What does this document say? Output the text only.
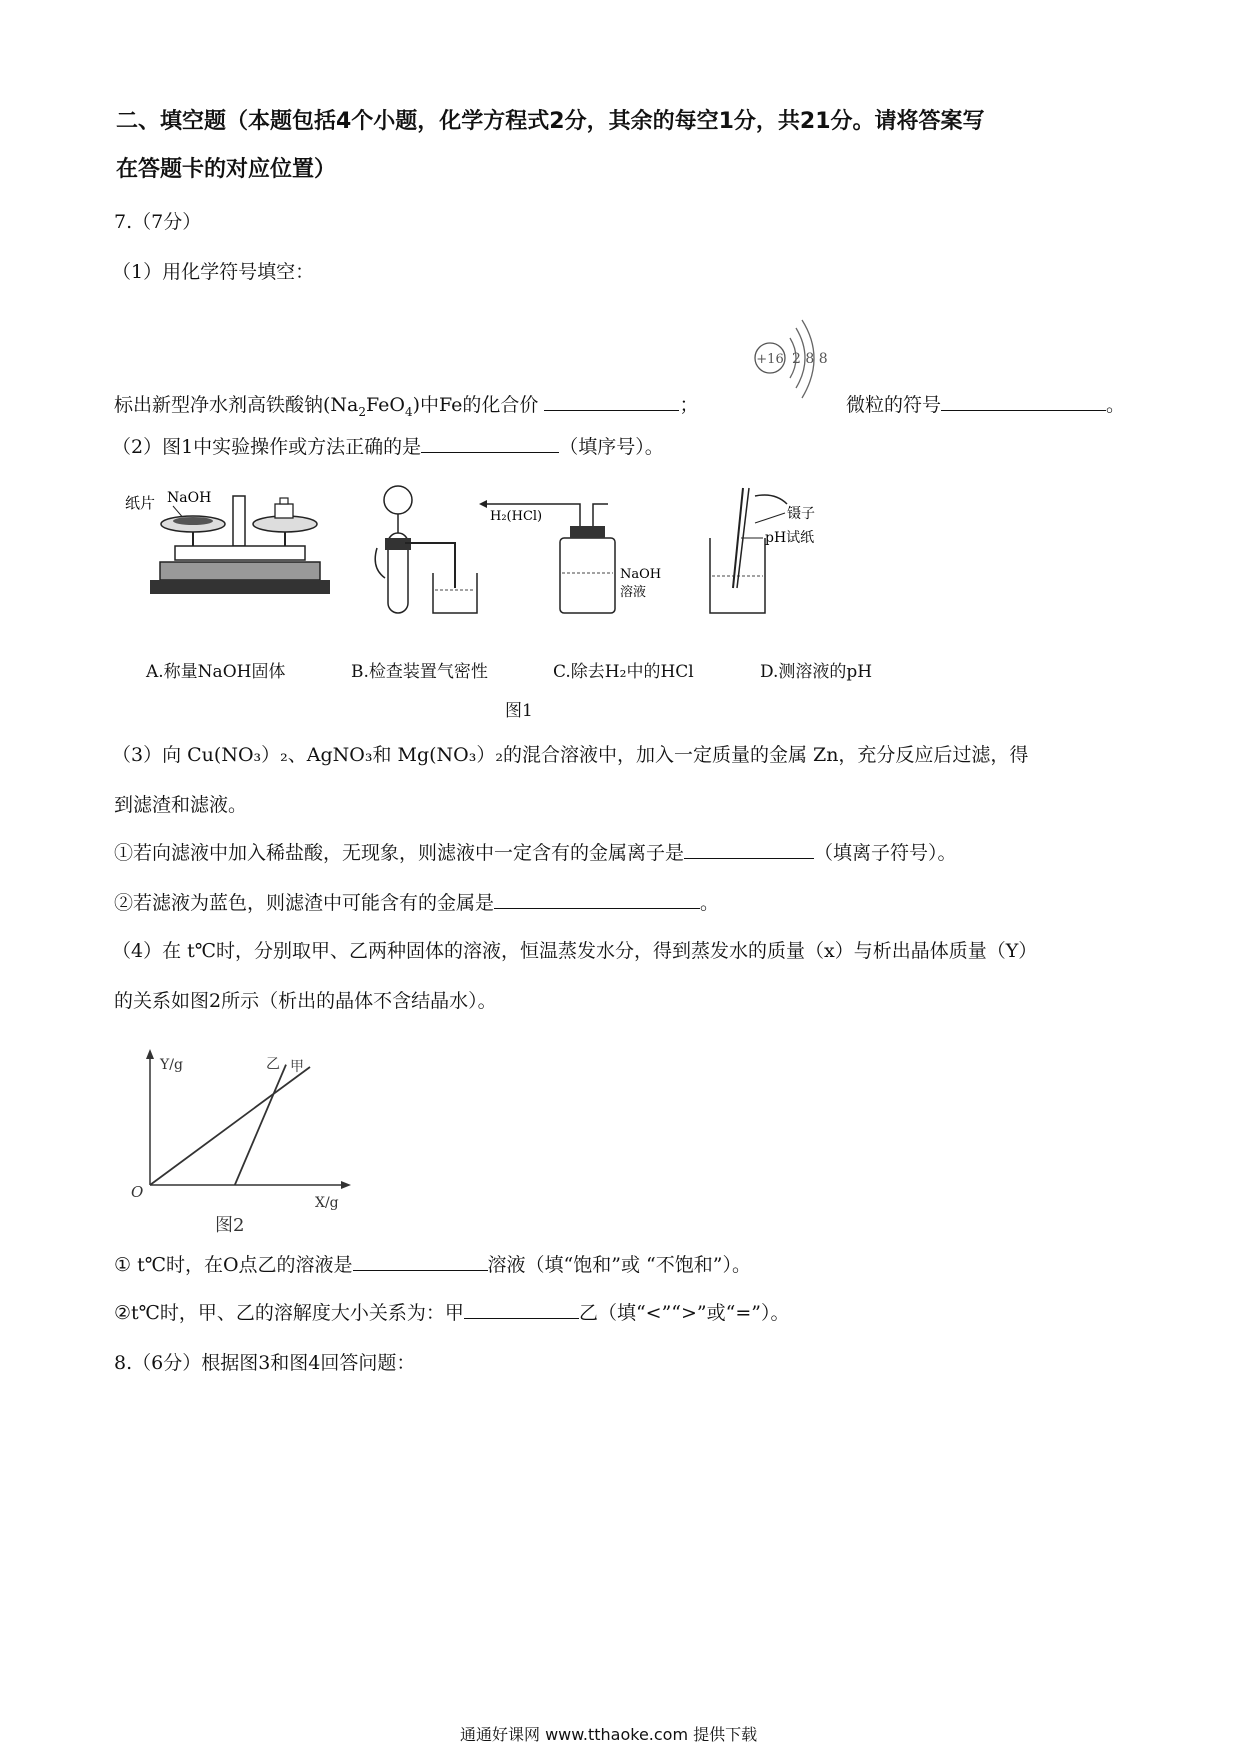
二、填空题（本题包括4个小题，化学方程式2分，其余的每空1分，共21分。请将答案写
在答题卡的对应位置）
7.（7分）
（1）用化学符号填空：
标出新型净水剂高铁酸钠$(Na_2FeO_4)$中Fe的化合价	；
+16 2 8 8
微粒的符号	。
（2）图1中实验操作或方法正确的是	（填序号）。
纸片 NaOH
H₂(HCl)
NaOH
溶液
镊子
pH试纸
A.称量NaOH固体	B.检查装置气密性	C.除去H₂中的HCl	D.测溶液的pH
图1
（3）向 Cu(NO₃）₂、AgNO₃和 Mg(NO₃）₂的混合溶液中，加入一定质量的金属 Zn，充分反应后过滤，得
到滤渣和滤液。
①若向滤液中加入稀盐酸，无现象，则滤液中一定含有的金属离子是	（填离子符号）。
②若滤液为蓝色，则滤渣中可能含有的金属是	。
（4）在 t℃时，分别取甲、乙两种固体的溶液，恒温蒸发水分，得到蒸发水的质量（x）与析出晶体质量（Y）
的关系如图2所示（析出的晶体不含结晶水）。
Y/g
X/g
O
甲
乙
图2
① t℃时，在O点乙的溶液是	溶液（填“饱和”或 “不饱和”）。
②t℃时，甲、乙的溶解度大小关系为：甲	乙（填“<”“>”或“=”）。
8.（6分）根据图3和图4回答问题：
通通好课网 www.tthaoke.com 提供下载
